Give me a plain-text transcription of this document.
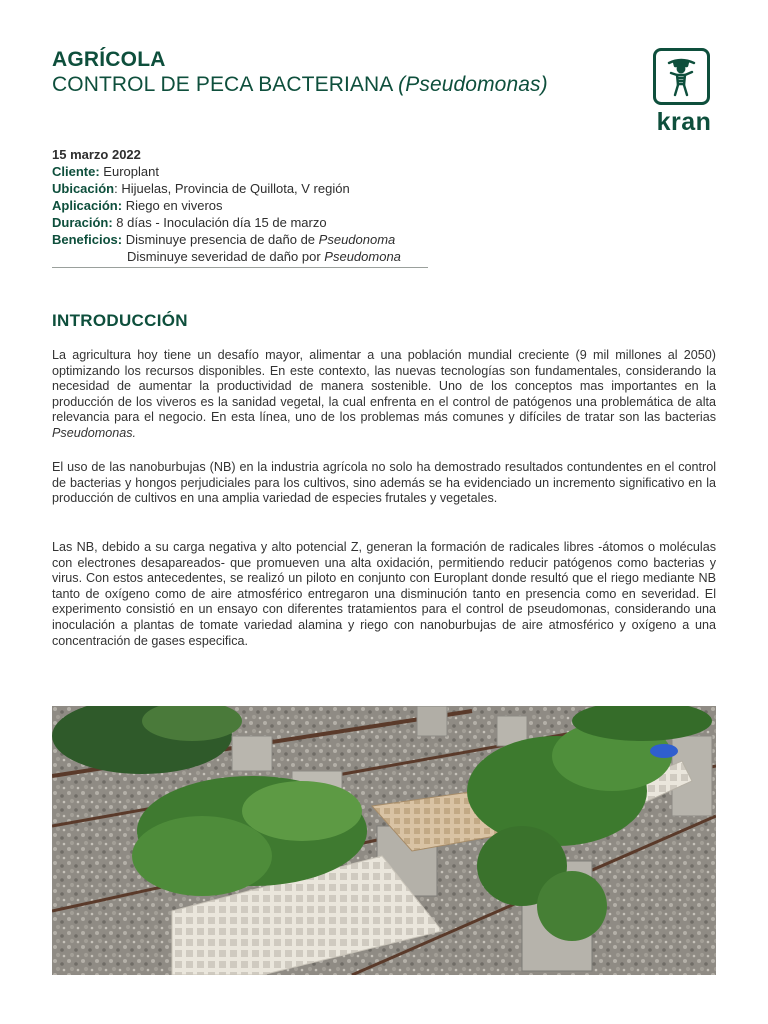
AGRÍCOLA
CONTROL DE PECA BACTERIANA (Pseudomonas)
kran
15 marzo 2022
Cliente: Europlant
Ubicación: Hijuelas, Provincia de Quillota, V región
Aplicación: Riego en viveros
Duración: 8 días - Inoculación día 15 de marzo
Beneficios: Disminuye presencia de daño de Pseudonoma
Disminuye severidad de daño por Pseudomona
INTRODUCCIÓN
La agricultura hoy tiene un desafío mayor, alimentar a una población mundial creciente (9 mil millones al 2050) optimizando los recursos disponibles. En este contexto, las nuevas tecnologías son fundamentales, considerando la necesidad de aumentar la productividad de manera sostenible. Uno de los conceptos mas importantes en la producción de los viveros es la sanidad vegetal, la cual enfrenta en el control de patógenos una problemática de alta relevancia para el negocio. En esta línea, uno de los problemas más comunes y difíciles de tratar son las bacterias Pseudomonas.
El uso de las nanoburbujas (NB) en la industria agrícola no solo ha demostrado resultados contundentes en el control de bacterias y hongos perjudiciales para los cultivos, sino además se ha evidenciado un incremento significativo en la producción de cultivos en una amplia variedad de especies frutales y vegetales.
Las NB, debido a su carga negativa y alto potencial Z, generan la formación de radicales libres -átomos o moléculas con electrones desapareados- que promueven una alta oxidación, permitiendo reducir patógenos como bacterias y virus. Con estos antecedentes, se realizó un piloto en conjunto con Europlant donde resultó que el riego mediante NB tanto de oxígeno como de aire atmosférico entregaron una disminución tanto en presencia como en severidad. El experimento consistió en un ensayo con diferentes tratamientos para el control de pseudomonas, considerando una inoculación a plantas de tomate variedad alamina y riego con nanoburbujas de aire atmosférico y oxígeno a una concentración de gases especifica.
